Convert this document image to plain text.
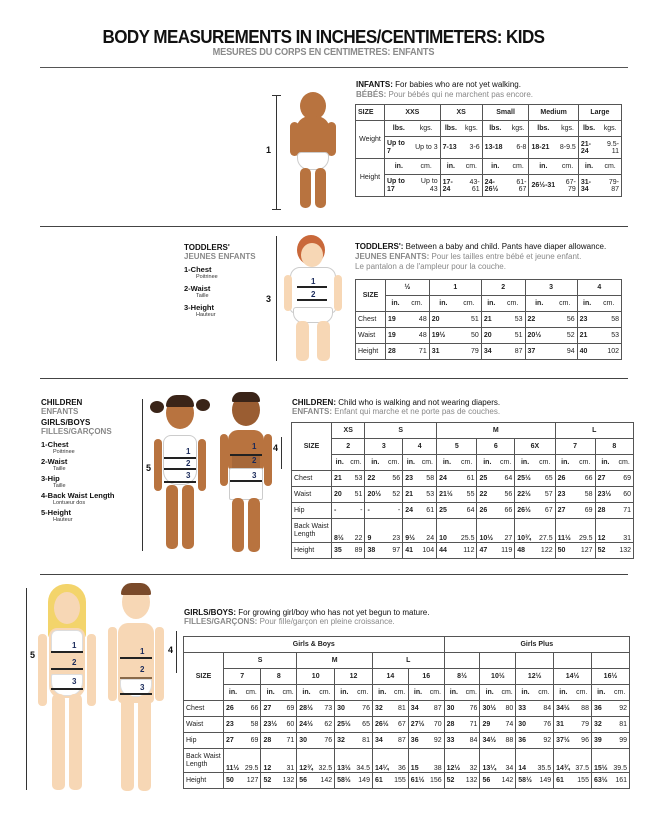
BODY MEASUREMENTS IN INCHES/CENTIMETERS: KIDS
MESURES DU CORPS EN CENTIMETRES: ENFANTS
1
INFANTS: For babies who are not yet walking.
BÉBÉS: Pour bébés qui ne marchent pas encore.
SIZE	XXS		XS		Small		Medium		Large	
Weight	lbs.	kgs.	lbs.	kgs.	lbs.	kgs.	lbs.	kgs.	lbs.	kgs.
	Up to 7	Up to 3	7-13	3-6	13-18	6-8	18-21	8-9.5	21-24	9.5-11
Height	in.	cm.	in.	cm.	in.	cm.	in.	cm.	in.	cm.
	Up to 17	Up to 43	17-24	43-61	24-26½	61-67	26½-31	67-79	31-34	79-87
TODDLERS'
JEUNES ENFANTS
1-Chest
Poitrinee
2-Waist
Taille
3-Height
Hauteur
3
1
2
TODDLERS': Between a baby and child. Pants have diaper allowance.
JEUNES ENFANTS: Pour les tailles entre bébé et jeune enfant.
Le pantalon a de l'ampleur pour la couche.
SIZE	½		1		2		3		4	
	in.	cm.	in.	cm.	in.	cm.	in.	cm.	in.	cm.
Chest	19	48	20	51	21	53	22	56	23	58
Waist	19	48	19½	50	20	51	20½	52	21	53
Height	28	71	31	79	34	87	37	94	40	102
CHILDREN
ENFANTS
GIRLS/BOYS
FILLES/GARÇONS
1-Chest
Poitrinee
2-Waist
Taille
3-Hip
Taille
4-Back Waist Length
Lontueur dos
5-Height
Hauteur
5
1
2
3
1
2
3
4
CHILDREN: Child who is walking and not wearing diapers.
ENFANTS: Enfant qui marche et ne porte pas de couches.
SIZE	XS		S				M						L			
	2		3		4		5		6		6X		7		8	
	in.	cm.	in.	cm.	in.	cm.	in.	cm.	in.	cm.	in.	cm.	in.	cm.	in.	cm.
Chest	21	53	22	56	23	58	24	61	25	64	25½	65	26	66	27	69
Waist	20	51	20½	52	21	53	21½	55	22	56	22½	57	23	58	23½	60
Hip	-	-	-	-	24	61	25	64	26	66	26½	67	27	69	28	71
Back Waist Length	8½	22	9	23	9½	24	10	25.5	10½	27	10¾	27.5	11½	29.5	12	31
Height	35	89	38	97	41	104	44	112	47	119	48	122	50	127	52	132
5
1
2
3
1
2
3
4
GIRLS/BOYS: For growing girl/boy who has not yet begun to mature.
FILLES/GARÇONS: Pour fille/garçon en pleine croissance.
Girls & Boys													Girls Plus									
SIZE	S				M				L													
	7		8		10		12		14		16		8½		10½		12½		14½		16½	
	in.	cm.	in.	cm.	in.	cm.	in.	cm.	in.	cm.	in.	cm.	in.	cm.	in.	cm.	in.	cm.	in.	cm.	in.	cm.
Chest	26	66	27	69	28½	73	30	76	32	81	34	87	30	76	30½	80	33	84	34½	88	36	92
Waist	23	58	23½	60	24½	62	25½	65	26½	67	27½	70	28	71	29	74	30	76	31	79	32	81
Hip	27	69	28	71	30	76	32	81	34	87	36	92	33	84	34½	88	36	92	37½	96	39	99
Back Waist Length	11½	29.5	12	31	12¾	32.5	13½	34.5	14¼	36	15	38	12½	32	13¼	34	14	35.5	14¾	37.5	15½	39.5
Height	50	127	52	132	56	142	58½	149	61	155	61½	156	52	132	56	142	58½	149	61	155	63½	161
